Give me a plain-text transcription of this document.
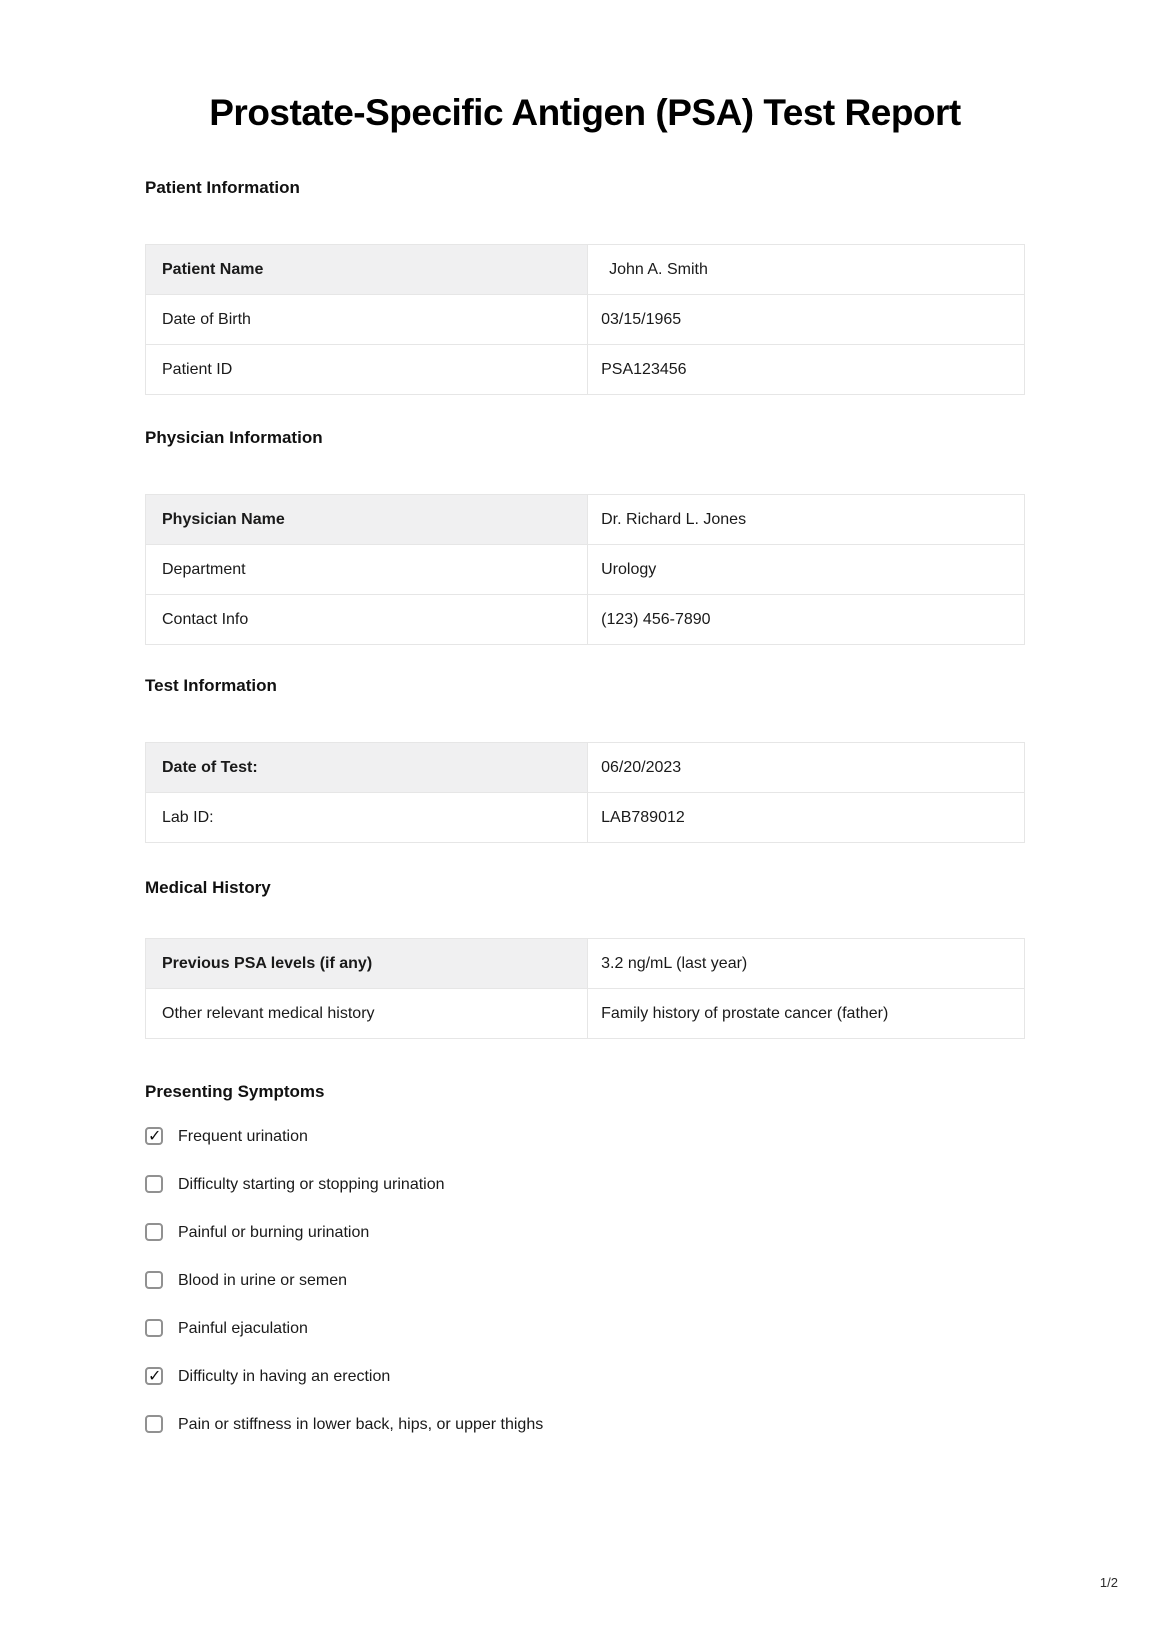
Prostate-Specific Antigen (PSA) Test Report
Patient Information
Patient Name	John A. Smith
Date of Birth	03/15/1965
Patient ID	PSA123456
Physician Information
Physician Name	Dr. Richard L. Jones
Department	Urology
Contact Info	(123) 456-7890
Test Information
Date of Test:	06/20/2023
Lab ID:	LAB789012
Medical History
Previous PSA levels (if any)	3.2 ng/mL (last year)
Other relevant medical history	Family history of prostate cancer (father)
Presenting Symptoms
✓
Frequent urination
Difficulty starting or stopping urination
Painful or burning urination
Blood in urine or semen
Painful ejaculation
✓
Difficulty in having an erection
Pain or stiffness in lower back, hips, or upper thighs
1/2
